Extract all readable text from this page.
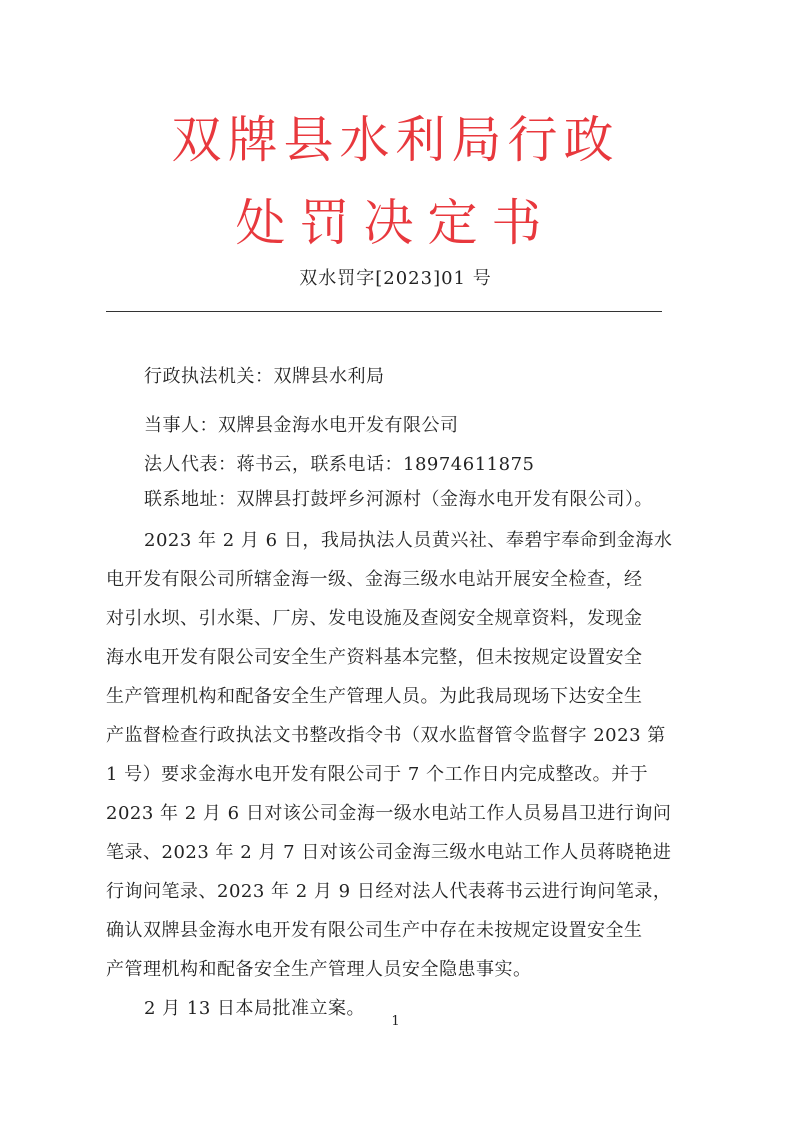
双牌县水利局行政
处罚决定书
双水罚字[2023]01 号
行政执法机关：双牌县水利局
当事人：双牌县金海水电开发有限公司
法人代表：蒋书云，联系电话：18974611875
联系地址：双牌县打鼓坪乡河源村（金海水电开发有限公司）。
2023 年 2 月 6 日，我局执法人员黄兴社、奉碧宇奉命到金海水
电开发有限公司所辖金海一级、金海三级水电站开展安全检查，经
对引水坝、引水渠、厂房、发电设施及查阅安全规章资料，发现金
海水电开发有限公司安全生产资料基本完整，但未按规定设置安全
生产管理机构和配备安全生产管理人员。为此我局现场下达安全生
产监督检查行政执法文书整改指令书（双水监督管令监督字 2023 第
1 号）要求金海水电开发有限公司于 7 个工作日内完成整改。并于
2023 年 2 月 6 日对该公司金海一级水电站工作人员易昌卫进行询问
笔录、2023 年 2 月 7 日对该公司金海三级水电站工作人员蒋晓艳进
行询问笔录、2023 年 2 月 9 日经对法人代表蒋书云进行询问笔录，
确认双牌县金海水电开发有限公司生产中存在未按规定设置安全生
产管理机构和配备安全生产管理人员安全隐患事实。
2 月 13 日本局批准立案。
1
